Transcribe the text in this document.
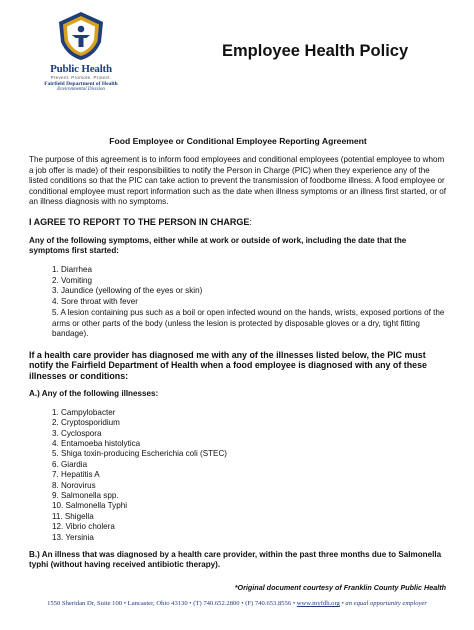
Public Health
Prevent. Promote. Protect.
Fairfield Department of Health
Environmental Division
Employee Health Policy
Food Employee or Conditional Employee Reporting Agreement
The purpose of this agreement is to inform food employees and conditional employees (potential employee to whom a job offer is made) of their responsibilities to notify the Person in Charge (PIC) when they experience any of the listed conditions so that the PIC can take action to prevent the transmission of foodborne illness. A food employee or conditional employee must report information such as the date when illness symptoms or an illness first started, or of an illness diagnosis with no symptoms.
I AGREE TO REPORT TO THE PERSON IN CHARGE:
Any of the following symptoms, either while at work or outside of work, including the date that the symptoms first started:
1. Diarrhea
2. Vomiting
3. Jaundice (yellowing of the eyes or skin)
4. Sore throat with fever
5. A lesion containing pus such as a boil or open infected wound on the hands, wrists, exposed portions of the arms or other parts of the body (unless the lesion is protected by disposable gloves or a dry, tight fitting bandage).
If a health care provider has diagnosed me with any of the illnesses listed below, the PIC must notify the Fairfield Department of Health when a food employee is diagnosed with any of these illnesses or conditions:
A.) Any of the following illnesses:
1. Campylobacter
2. Cryptosporidium
3. Cyclospora
4. Entamoeba histolytica
5. Shiga toxin-producing Escherichia coli (STEC)
6. Giardia
7. Hepatitis A
8. Norovirus
9. Salmonella spp.
10. Salmonella Typhi
11. Shigella
12. Vibrio cholera
13. Yersinia
B.) An illness that was diagnosed by a health care provider, within the past three months due to Salmonella typhi (without having received antibiotic therapy).
*Original document courtesy of Franklin County Public Health
1550 Sheridan Dr, Suite 100 • Lancaster, Ohio 43130 • (T) 740.652.2800 • (F) 740.653.8556 • www.myfdh.org • an equal opportunity employer
